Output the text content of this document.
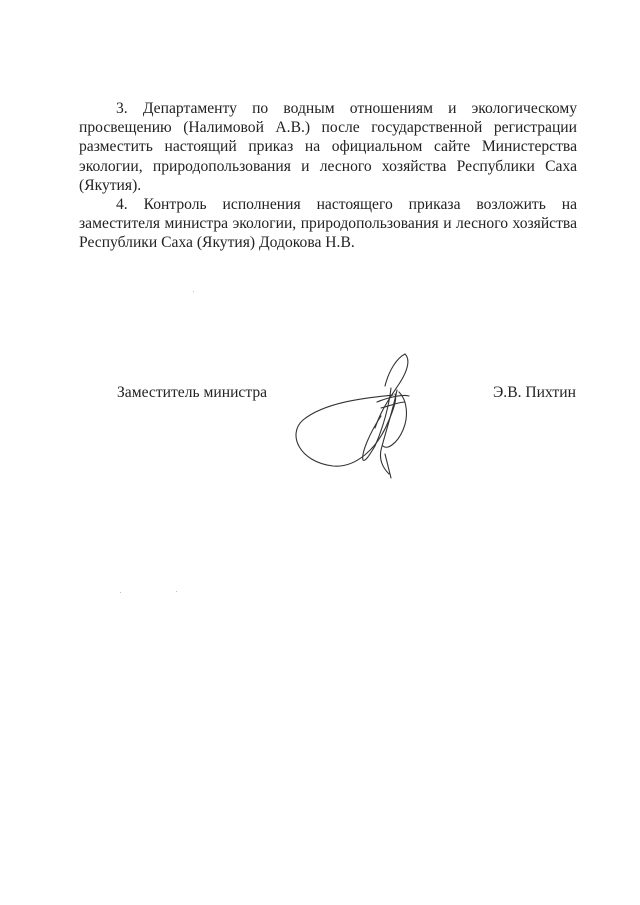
3. Департаменту по водным отношениям и экологическому просвещению (Налимовой А.В.) после государственной регистрации разместить настоящий приказ на официальном сайте Министерства экологии, природопользования и лесного хозяйства Республики Саха (Якутия).

4. Контроль исполнения настоящего приказа возложить на заместителя министра экологии, природопользования и лесного хозяйства Республики Саха (Якутия) Додокова Н.В.

Заместитель министра	Э.В. Пихтин
